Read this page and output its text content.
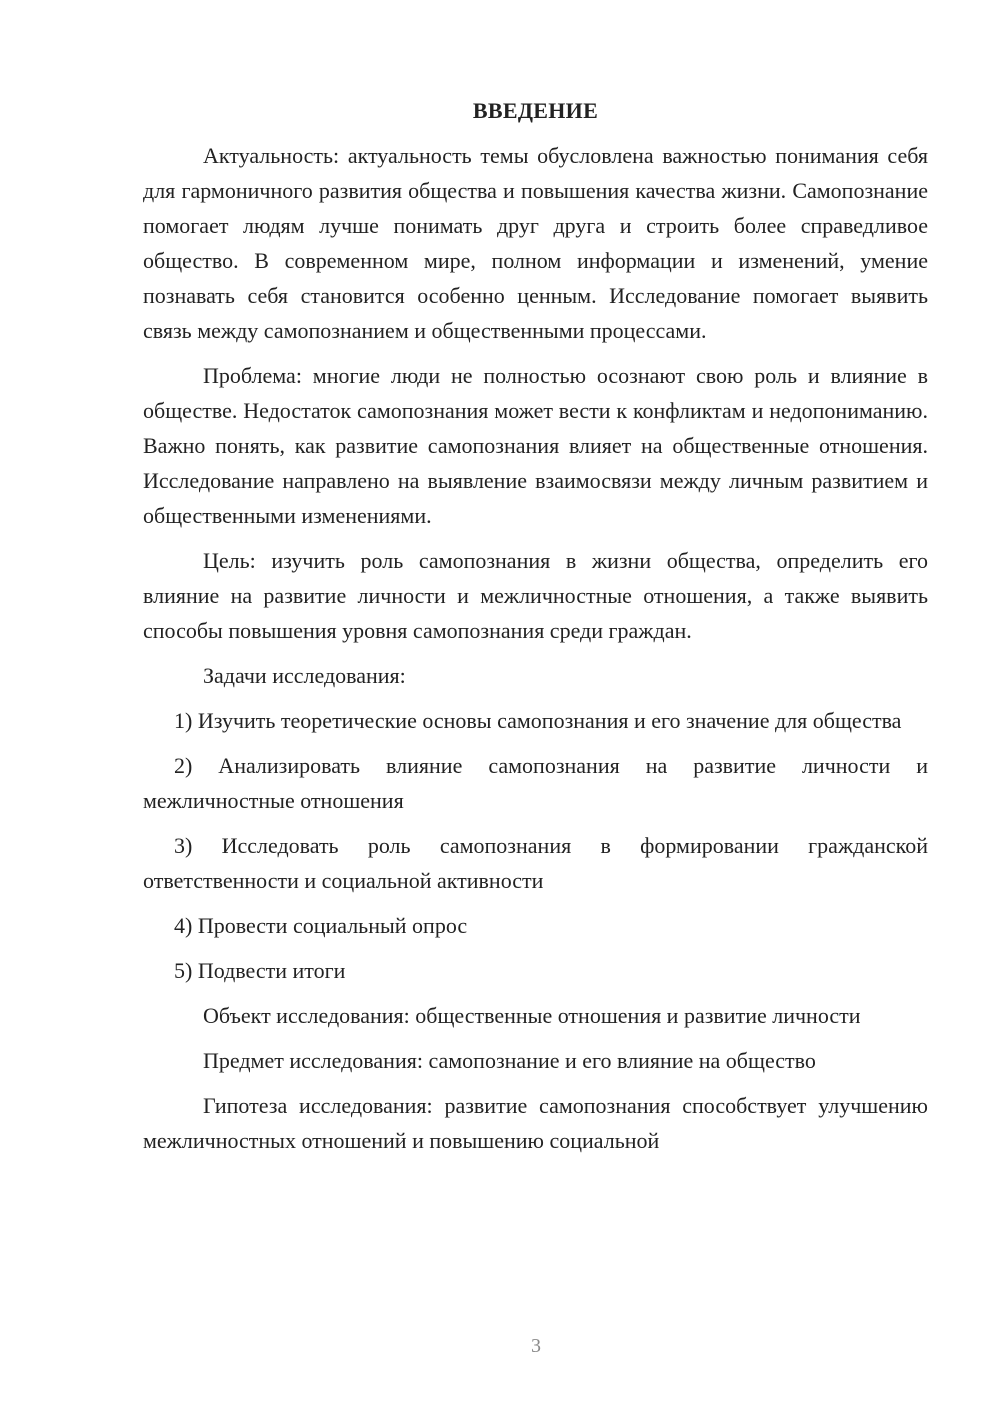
ВВЕДЕНИЕ

Актуальность: актуальность темы обусловлена важностью понимания себя для гармоничного развития общества и повышения качества жизни. Самопознание помогает людям лучше понимать друг друга и строить более справедливое общество. В современном мире, полном информации и изменений, умение познавать себя становится особенно ценным. Исследование помогает выявить связь между самопознанием и общественными процессами.

Проблема: многие люди не полностью осознают свою роль и влияние в обществе. Недостаток самопознания может вести к конфликтам и недопониманию. Важно понять, как развитие самопознания влияет на общественные отношения. Исследование направлено на выявление взаимосвязи между личным развитием и общественными изменениями.

Цель: изучить роль самопознания в жизни общества, определить его влияние на развитие личности и межличностные отношения, а также выявить способы повышения уровня самопознания среди граждан.

Задачи исследования:

1) Изучить теоретические основы самопознания и его значение для общества

2) Анализировать влияние самопознания на развитие личности и межличностные отношения

3) Исследовать роль самопознания в формировании гражданской ответственности и социальной активности

4) Провести социальный опрос

5) Подвести итоги

Объект исследования: общественные отношения и развитие личности

Предмет исследования: самопознание и его влияние на общество

Гипотеза исследования: развитие самопознания способствует улучшению межличностных отношений и повышению социальной

3
